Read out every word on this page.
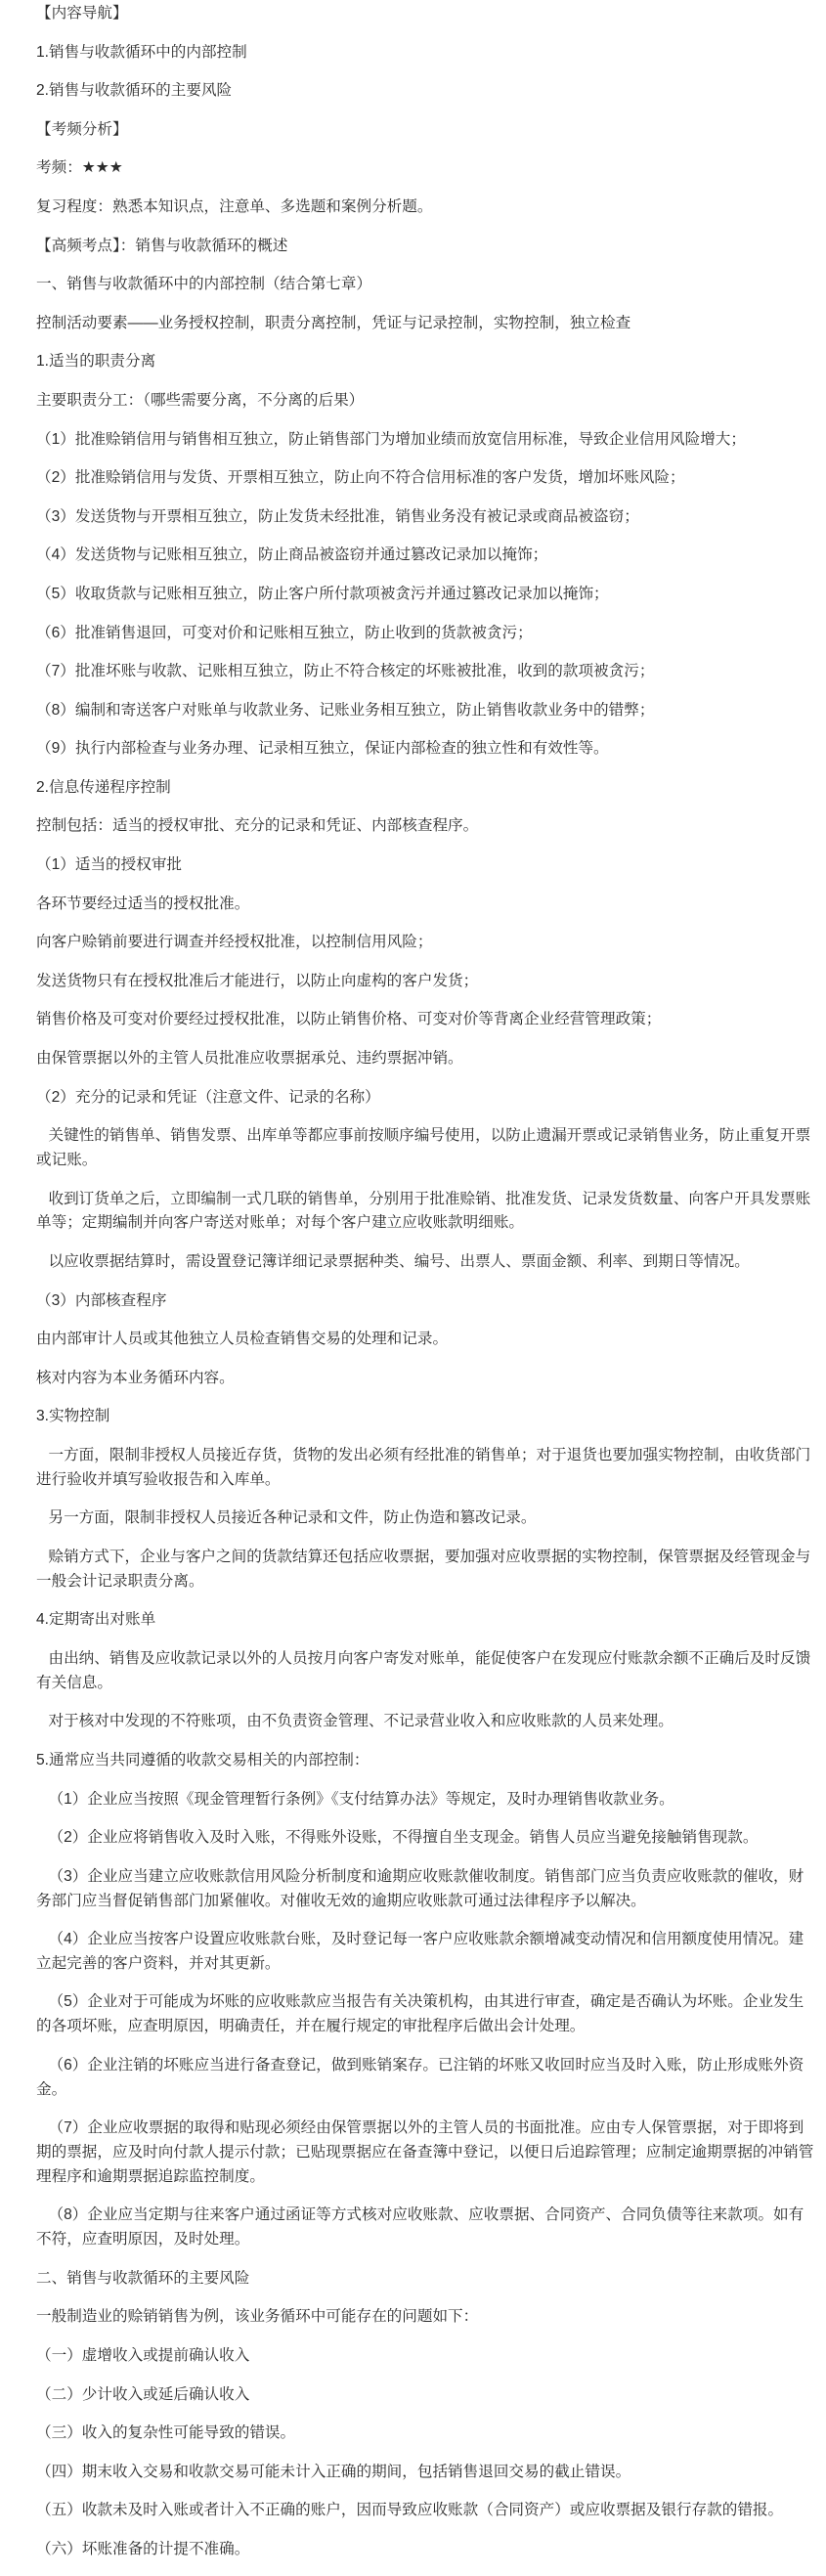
【内容导航】

1.销售与收款循环中的内部控制

2.销售与收款循环的主要风险

【考频分析】

考频：★★★

复习程度：熟悉本知识点，注意单、多选题和案例分析题。

【高频考点】：销售与收款循环的概述

一、销售与收款循环中的内部控制（结合第七章）

控制活动要素——业务授权控制，职责分离控制，凭证与记录控制，实物控制，独立检查

1.适当的职责分离

主要职责分工：（哪些需要分离，不分离的后果）

（1）批准赊销信用与销售相互独立，防止销售部门为增加业绩而放宽信用标准，导致企业信用风险增大；

（2）批准赊销信用与发货、开票相互独立，防止向不符合信用标准的客户发货，增加坏账风险；

（3）发送货物与开票相互独立，防止发货未经批准，销售业务没有被记录或商品被盗窃；

（4）发送货物与记账相互独立，防止商品被盗窃并通过篡改记录加以掩饰；

（5）收取货款与记账相互独立，防止客户所付款项被贪污并通过篡改记录加以掩饰；

（6）批准销售退回，可变对价和记账相互独立，防止收到的货款被贪污；

（7）批准坏账与收款、记账相互独立，防止不符合核定的坏账被批准，收到的款项被贪污；

（8）编制和寄送客户对账单与收款业务、记账业务相互独立，防止销售收款业务中的错弊；

（9）执行内部检查与业务办理、记录相互独立，保证内部检查的独立性和有效性等。

2.信息传递程序控制

控制包括：适当的授权审批、充分的记录和凭证、内部核查程序。

（1）适当的授权审批

各环节要经过适当的授权批准。

向客户赊销前要进行调查并经授权批准，以控制信用风险；

发送货物只有在授权批准后才能进行，以防止向虚构的客户发货；

销售价格及可变对价要经过授权批准，以防止销售价格、可变对价等背离企业经营管理政策；

由保管票据以外的主管人员批准应收票据承兑、违约票据冲销。

（2）充分的记录和凭证（注意文件、记录的名称）

关键性的销售单、销售发票、出库单等都应事前按顺序编号使用，以防止遗漏开票或记录销售业务，防止重复开票或记账。

收到订货单之后，立即编制一式几联的销售单，分别用于批准赊销、批准发货、记录发货数量、向客户开具发票账单等；定期编制并向客户寄送对账单；对每个客户建立应收账款明细账。

以应收票据结算时，需设置登记簿详细记录票据种类、编号、出票人、票面金额、利率、到期日等情况。

（3）内部核查程序

由内部审计人员或其他独立人员检查销售交易的处理和记录。

核对内容为本业务循环内容。

3.实物控制

一方面，限制非授权人员接近存货，货物的发出必须有经批准的销售单；对于退货也要加强实物控制，由收货部门进行验收并填写验收报告和入库单。

另一方面，限制非授权人员接近各种记录和文件，防止伪造和篡改记录。

赊销方式下，企业与客户之间的货款结算还包括应收票据，要加强对应收票据的实物控制，保管票据及经管现金与一般会计记录职责分离。

4.定期寄出对账单

由出纳、销售及应收款记录以外的人员按月向客户寄发对账单，能促使客户在发现应付账款余额不正确后及时反馈有关信息。

对于核对中发现的不符账项，由不负责资金管理、不记录营业收入和应收账款的人员来处理。

5.通常应当共同遵循的收款交易相关的内部控制：

（1）企业应当按照《现金管理暂行条例》《支付结算办法》等规定，及时办理销售收款业务。

（2）企业应将销售收入及时入账，不得账外设账，不得擅自坐支现金。销售人员应当避免接触销售现款。

（3）企业应当建立应收账款信用风险分析制度和逾期应收账款催收制度。销售部门应当负责应收账款的催收，财务部门应当督促销售部门加紧催收。对催收无效的逾期应收账款可通过法律程序予以解决。

（4）企业应当按客户设置应收账款台账，及时登记每一客户应收账款余额增减变动情况和信用额度使用情况。建立起完善的客户资料，并对其更新。

（5）企业对于可能成为坏账的应收账款应当报告有关决策机构，由其进行审查，确定是否确认为坏账。企业发生的各项坏账，应查明原因，明确责任，并在履行规定的审批程序后做出会计处理。

（6）企业注销的坏账应当进行备查登记，做到账销案存。已注销的坏账又收回时应当及时入账，防止形成账外资金。

（7）企业应收票据的取得和贴现必须经由保管票据以外的主管人员的书面批准。应由专人保管票据，对于即将到期的票据，应及时向付款人提示付款；已贴现票据应在备查簿中登记，以便日后追踪管理；应制定逾期票据的冲销管理程序和逾期票据追踪监控制度。

（8）企业应当定期与往来客户通过函证等方式核对应收账款、应收票据、合同资产、合同负债等往来款项。如有不符，应查明原因，及时处理。

二、销售与收款循环的主要风险

一般制造业的赊销销售为例，该业务循环中可能存在的问题如下：

（一）虚增收入或提前确认收入

（二）少计收入或延后确认收入

（三）收入的复杂性可能导致的错误。

（四）期末收入交易和收款交易可能未计入正确的期间，包括销售退回交易的截止错误。

（五）收款未及时入账或者计入不正确的账户，因而导致应收账款（合同资产）或应收票据及银行存款的错报。

（六）坏账准备的计提不准确。
